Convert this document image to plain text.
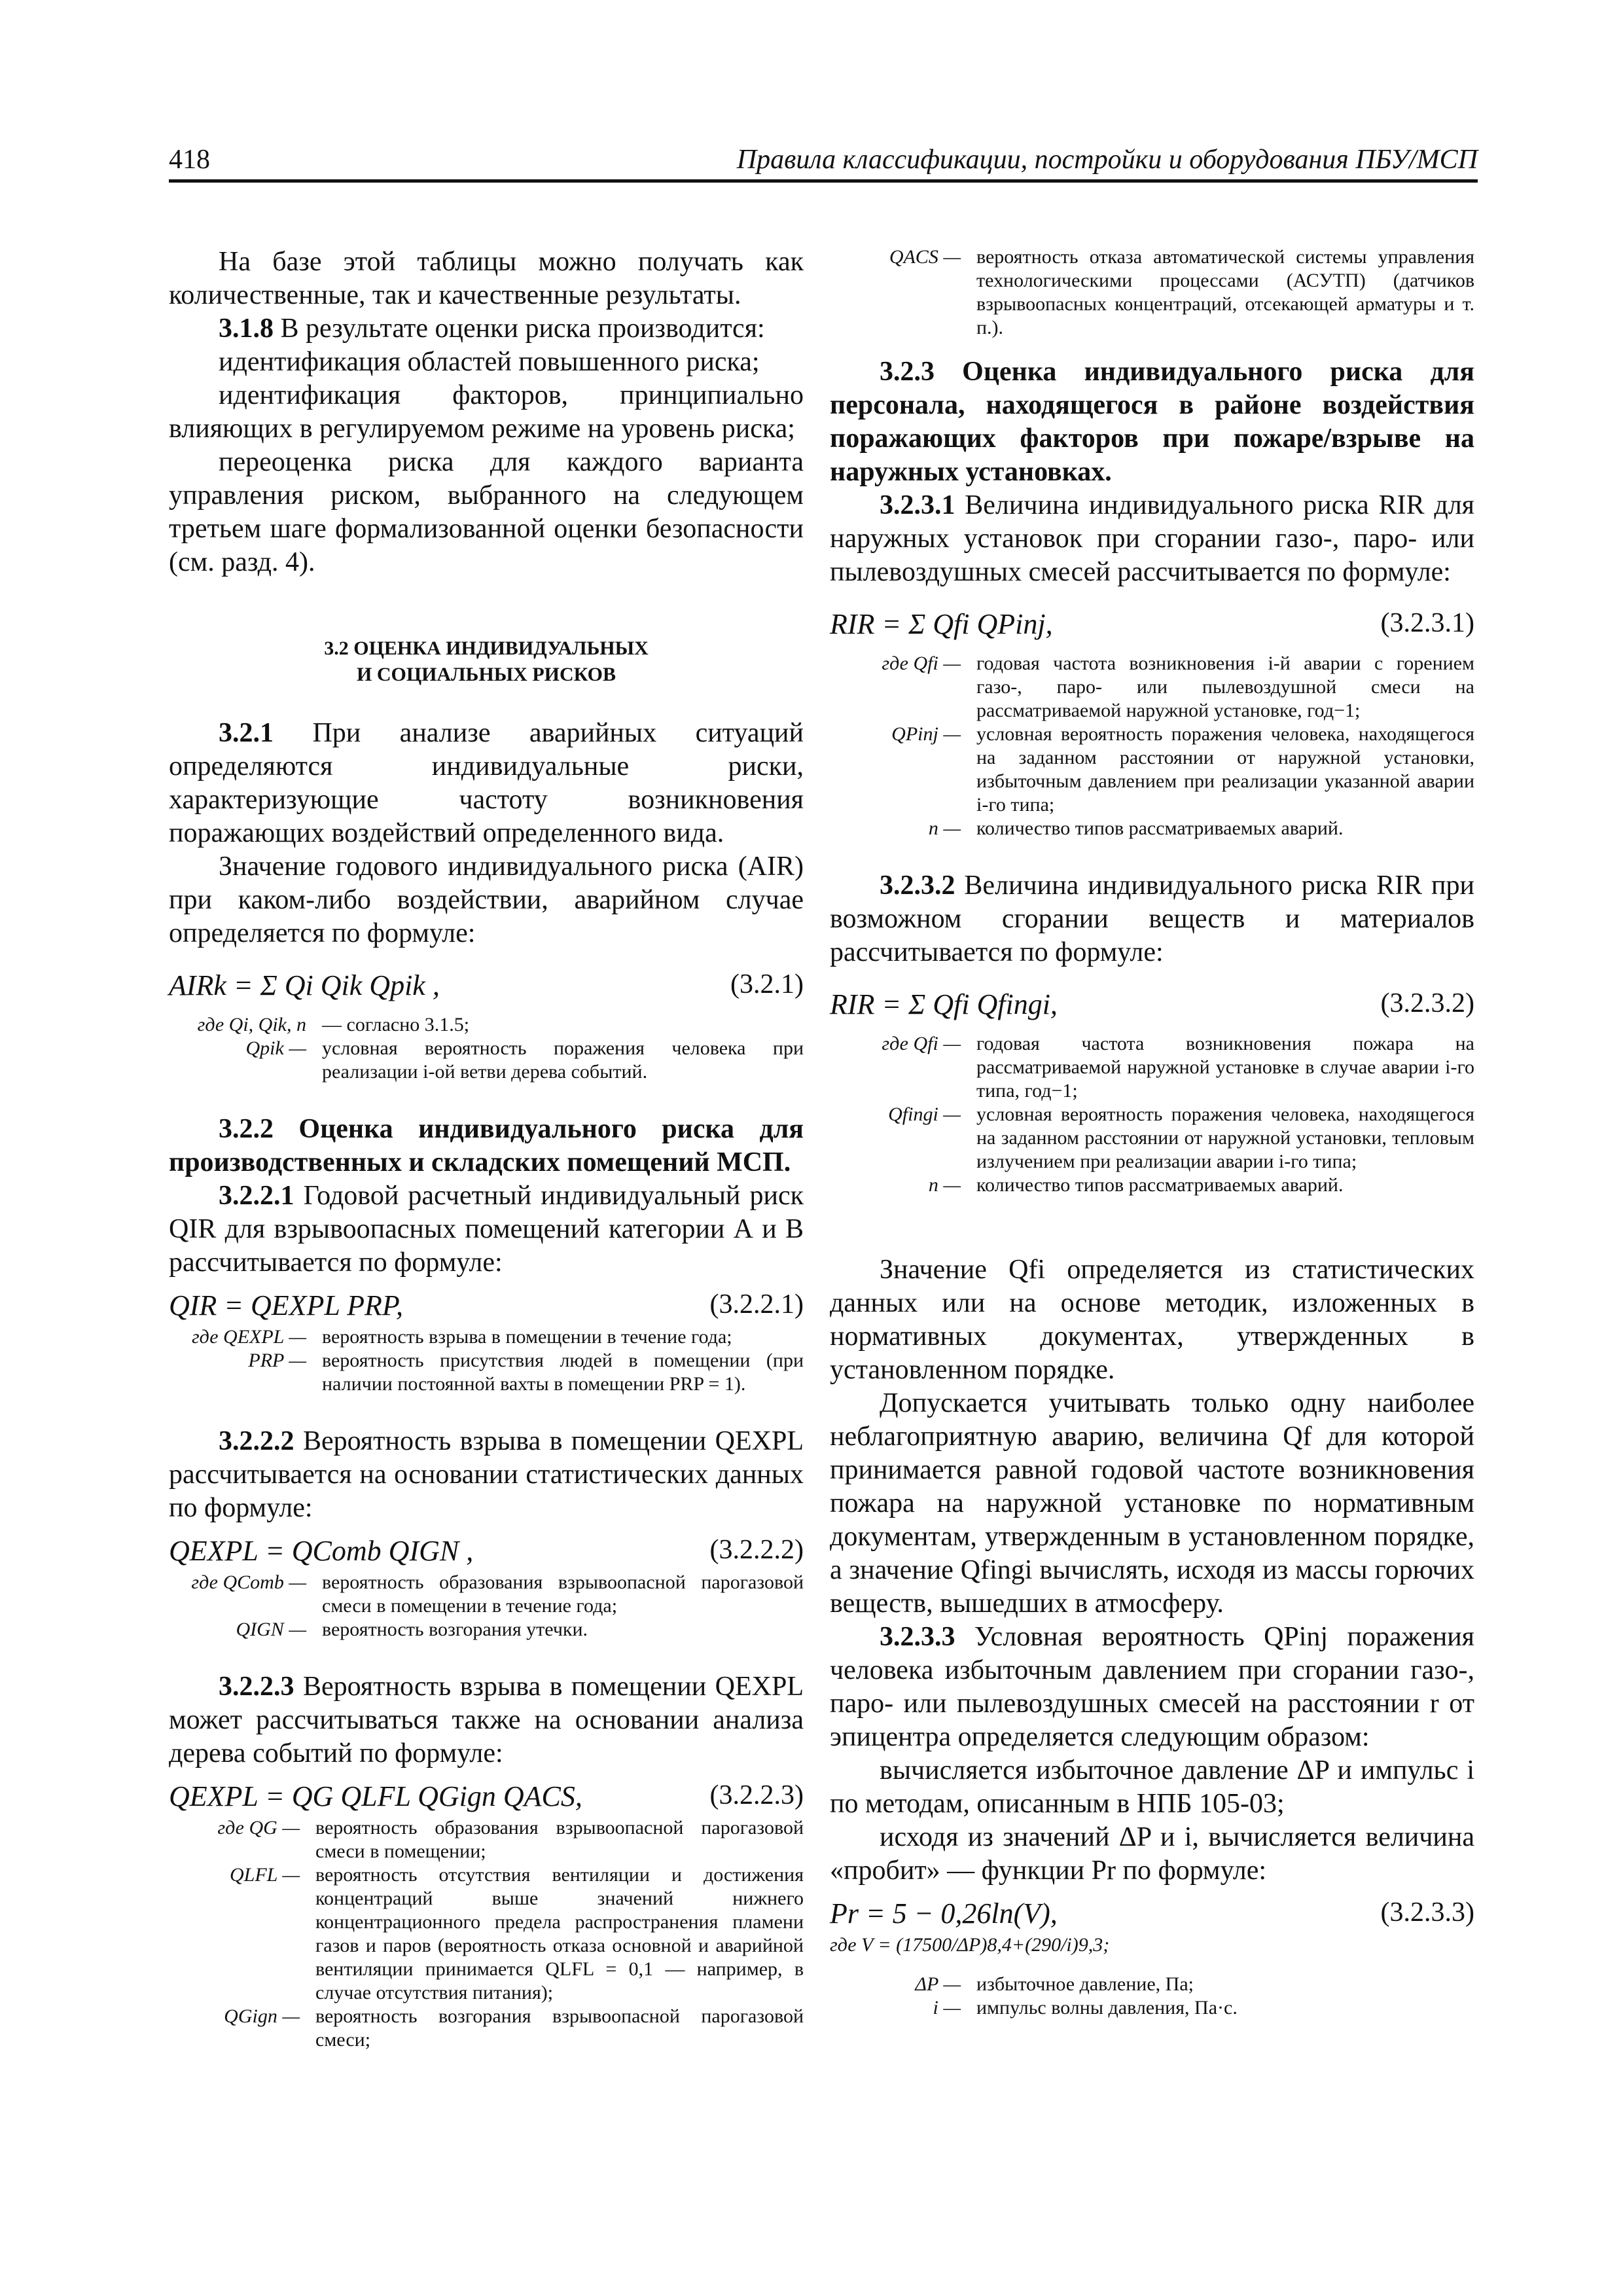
418	Правила классификации, постройки и оборудования ПБУ/МСП

На базе этой таблицы можно получать как количественные, так и качественные результаты.

3.1.8 В результате оценки риска производится:

идентификация областей повышенного риска;

идентификация факторов, принципиально влияющих в регулируемом режиме на уровень риска;

переоценка риска для каждого варианта управления риском, выбранного на следующем третьем шаге формализованной оценки безопасности (см. разд. 4).

3.2 ОЦЕНКА ИНДИВИДУАЛЬНЫХ
И СОЦИАЛЬНЫХ РИСКОВ

3.2.1 При анализе аварийных ситуаций определяются индивидуальные риски, характеризующие частоту возникновения поражающих воздействий определенного вида.

Значение годового индивидуального риска (AIR) при каком-либо воздействии, аварийном случае определяется по формуле:

AIRk = Σ Qi Qik Qpik ,	(3.2.1)
где Qi, Qik, n — согласно 3.1.5;
Qpik — условная вероятность поражения человека при реализации i-ой ветви дерева событий.

3.2.2 Оценка индивидуального риска для производственных и складских помещений МСП.

3.2.2.1 Годовой расчетный индивидуальный риск QIR для взрывоопасных помещений категории А и В рассчитывается по формуле:

QIR = QEXPL PRP,	(3.2.2.1)
где QEXPL — вероятность взрыва в помещении в течение года;
PRP — вероятность присутствия людей в помещении (при наличии постоянной вахты в помещении PRP = 1).

3.2.2.2 Вероятность взрыва в помещении QEXPL рассчитывается на основании статистических данных по формуле:

QEXPL = QComb QIGN ,	(3.2.2.2)
где QComb — вероятность образования взрывоопасной парогазовой смеси в помещении в течение года;
QIGN — вероятность возгорания утечки.

3.2.2.3 Вероятность взрыва в помещении QEXPL может рассчитываться также на основании анализа дерева событий по формуле:

QEXPL = QG QLFL QGign QACS,	(3.2.2.3)
где QG — вероятность образования взрывоопасной парогазовой смеси в помещении;
QLFL — вероятность отсутствия вентиляции и достижения концентраций выше значений нижнего концентрационного предела распространения пламени газов и паров (вероятность отказа основной и аварийной вентиляции принимается QLFL = 0,1 — например, в случае отсутствия питания);
QGign — вероятность возгорания взрывоопасной парогазовой смеси;
QACS — вероятность отказа автоматической системы управления технологическими процессами (АСУТП) (датчиков взрывоопасных концентраций, отсекающей арматуры и т. п.).

3.2.3 Оценка индивидуального риска для персонала, находящегося в районе воздействия поражающих факторов при пожаре/взрыве на наружных установках.

3.2.3.1 Величина индивидуального риска RIR для наружных установок при сгорании газо-, паро- или пылевоздушных смесей рассчитывается по формуле:

RIR = Σ Qfi QPinj,	(3.2.3.1)
где Qfi — годовая частота возникновения i-й аварии с горением газо-, паро- или пылевоздушной смеси на рассматриваемой наружной установке, год−1;
QPinj — условная вероятность поражения человека, находящегося на заданном расстоянии от наружной установки, избыточным давлением при реализации указанной аварии i-го типа;
n — количество типов рассматриваемых аварий.

3.2.3.2 Величина индивидуального риска RIR при возможном сгорании веществ и материалов рассчитывается по формуле:

RIR = Σ Qfi Qfingi,	(3.2.3.2)
где Qfi — годовая частота возникновения пожара на рассматриваемой наружной установке в случае аварии i-го типа, год−1;
Qfingi — условная вероятность поражения человека, находящегося на заданном расстоянии от наружной установки, тепловым излучением при реализации аварии i-го типа;
n — количество типов рассматриваемых аварий.

Значение Qfi определяется из статистических данных или на основе методик, изложенных в нормативных документах, утвержденных в установленном порядке.

Допускается учитывать только одну наиболее неблагоприятную аварию, величина Qf для которой принимается равной годовой частоте возникновения пожара на наружной установке по нормативным документам, утвержденным в установленном порядке, а значение Qfingi вычислять, исходя из массы горючих веществ, вышедших в атмосферу.

3.2.3.3 Условная вероятность QPinj поражения человека избыточным давлением при сгорании газо-, паро- или пылевоздушных смесей на расстоянии r от эпицентра определяется следующим образом:

вычисляется избыточное давление ΔP и импульс i по методам, описанным в НПБ 105-03;

исходя из значений ΔP и i, вычисляется величина «пробит» — функции Pr по формуле:

Pr = 5 − 0,26ln(V),	(3.2.3.3)
где V = (17500/ΔP)8,4+(290/i)9,3;
ΔP — избыточное давление, Па;
i — импульс волны давления, Па·с.
